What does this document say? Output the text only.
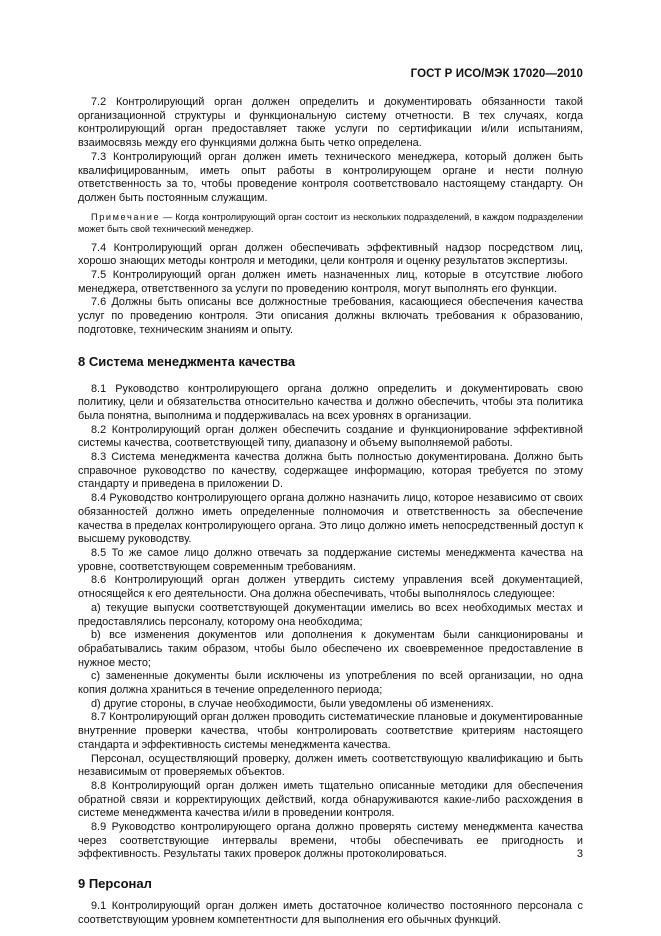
ГОСТ Р ИСО/МЭК 17020—2010

7.2 Контролирующий орган должен определить и документировать обязанности такой организационной структуры и функциональную систему отчетности. В тех случаях, когда контролирующий орган предоставляет также услуги по сертификации и/или испытаниям, взаимосвязь между его функциями должна быть четко определена.

7.3 Контролирующий орган должен иметь технического менеджера, который должен быть квалифицированным, иметь опыт работы в контролирующем органе и нести полную ответственность за то, чтобы проведение контроля соответствовало настоящему стандарту. Он должен быть постоянным служащим.

Примечание — Когда контролирующий орган состоит из нескольких подразделений, в каждом подразделении может быть свой технический менеджер.

7.4 Контролирующий орган должен обеспечивать эффективный надзор посредством лиц, хорошо знающих методы контроля и методики, цели контроля и оценку результатов экспертизы.

7.5 Контролирующий орган должен иметь назначенных лиц, которые в отсутствие любого менеджера, ответственного за услуги по проведению контроля, могут выполнять его функции.

7.6 Должны быть описаны все должностные требования, касающиеся обеспечения качества услуг по проведению контроля. Эти описания должны включать требования к образованию, подготовке, техническим знаниям и опыту.

8 Система менеджмента качества

8.1 Руководство контролирующего органа должно определить и документировать свою политику, цели и обязательства относительно качества и должно обеспечить, чтобы эта политика была понятна, выполнима и поддерживалась на всех уровнях в организации.

8.2 Контролирующий орган должен обеспечить создание и функционирование эффективной системы качества, соответствующей типу, диапазону и объему выполняемой работы.

8.3 Система менеджмента качества должна быть полностью документирована. Должно быть справочное руководство по качеству, содержащее информацию, которая требуется по этому стандарту и приведена в приложении D.

8.4 Руководство контролирующего органа должно назначить лицо, которое независимо от своих обязанностей должно иметь определенные полномочия и ответственность за обеспечение качества в пределах контролирующего органа. Это лицо должно иметь непосредственный доступ к высшему руководству.

8.5 То же самое лицо должно отвечать за поддержание системы менеджмента качества на уровне, соответствующем современным требованиям.

8.6 Контролирующий орган должен утвердить систему управления всей документацией, относящейся к его деятельности. Она должна обеспечивать, чтобы выполнялось следующее:

a) текущие выпуски соответствующей документации имелись во всех необходимых местах и предоставлялись персоналу, которому она необходима;

b) все изменения документов или дополнения к документам были санкционированы и обрабатывались таким образом, чтобы было обеспечено их своевременное предоставление в нужное место;

c) замененные документы были исключены из употребления по всей организации, но одна копия должна храниться в течение определенного периода;

d) другие стороны, в случае необходимости, были уведомлены об изменениях.

8.7 Контролирующий орган должен проводить систематические плановые и документированные внутренние проверки качества, чтобы контролировать соответствие критериям настоящего стандарта и эффективность системы менеджмента качества.

Персонал, осуществляющий проверку, должен иметь соответствующую квалификацию и быть независимым от проверяемых объектов.

8.8 Контролирующий орган должен иметь тщательно описанные методики для обеспечения обратной связи и корректирующих действий, когда обнаруживаются какие-либо расхождения в системе менеджмента качества и/или в проведении контроля.

8.9 Руководство контролирующего органа должно проверять систему менеджмента качества через соответствующие интервалы времени, чтобы обеспечивать ее пригодность и эффективность. Результаты таких проверок должны протоколироваться.

9 Персонал

9.1 Контролирующий орган должен иметь достаточное количество постоянного персонала с соответствующим уровнем компетентности для выполнения его обычных функций.

3
